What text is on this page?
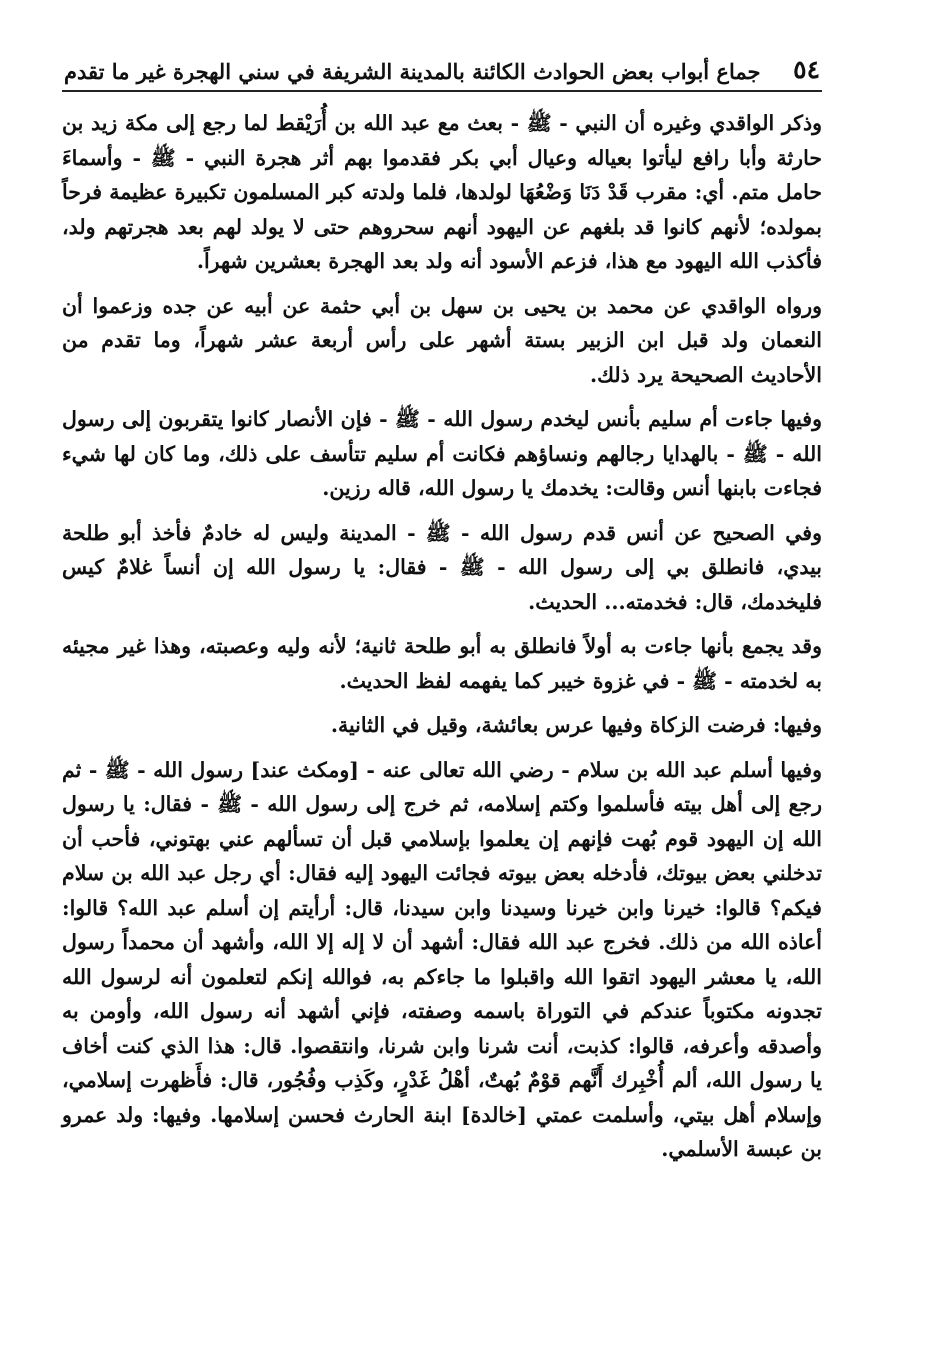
٥٤
جماع أبواب بعض الحوادث الكائنة بالمدينة الشريفة في سني الهجرة غير ما تقدم

وذكر الواقدي وغيره أن النبي - ﷺ - بعث مع عبد الله بن أُرَيْقط لما رجع إلى مكة زيد بن حارثة وأبا رافع ليأتوا بعياله وعيال أبي بكر فقدموا بهم أثر هجرة النبي - ﷺ - وأسماءَ حامل متم. أي: مقرب قَدْ دَنَا وَضْعُهَا لولدها، فلما ولدته كبر المسلمون تكبيرة عظيمة فرحاً بمولده؛ لأنهم كانوا قد بلغهم عن اليهود أنهم سحروهم حتى لا يولد لهم بعد هجرتهم ولد، فأكذب الله اليهود مع هذا، فزعم الأسود أنه ولد بعد الهجرة بعشرين شهراً.

ورواه الواقدي عن محمد بن يحيى بن سهل بن أبي حثمة عن أبيه عن جده وزعموا أن النعمان ولد قبل ابن الزبير بستة أشهر على رأس أربعة عشر شهراً، وما تقدم من الأحاديث الصحيحة يرد ذلك.

وفيها جاءت أم سليم بأنس ليخدم رسول الله - ﷺ - فإن الأنصار كانوا يتقربون إلى رسول الله - ﷺ - بالهدايا رجالهم ونساؤهم فكانت أم سليم تتأسف على ذلك، وما كان لها شيء فجاءت بابنها أنس وقالت: يخدمك يا رسول الله، قاله رزين.

وفي الصحيح عن أنس قدم رسول الله - ﷺ - المدينة وليس له خادمٌ فأخذ أبو طلحة بيدي، فانطلق بي إلى رسول الله - ﷺ - فقال: يا رسول الله إن أنساً غلامٌ كيس فليخدمك، قال: فخدمته... الحديث.

وقد يجمع بأنها جاءت به أولاً فانطلق به أبو طلحة ثانية؛ لأنه وليه وعصبته، وهذا غير مجيئه به لخدمته - ﷺ - في غزوة خيبر كما يفهمه لفظ الحديث.

وفيها: فرضت الزكاة وفيها عرس بعائشة، وقيل في الثانية.

وفيها أسلم عبد الله بن سلام - رضي الله تعالى عنه - [ومكث عند] رسول الله - ﷺ - ثم رجع إلى أهل بيته فأسلموا وكتم إسلامه، ثم خرج إلى رسول الله - ﷺ - فقال: يا رسول الله إن اليهود قوم بُهت فإنهم إن يعلموا بإسلامي قبل أن تسألهم عني بهتوني، فأحب أن تدخلني بعض بيوتك، فأدخله بعض بيوته فجائت اليهود إليه فقال: أي رجل عبد الله بن سلام فيكم؟ قالوا: خيرنا وابن خيرنا وسيدنا وابن سيدنا، قال: أرأيتم إن أسلم عبد الله؟ قالوا: أعاذه الله من ذلك. فخرج عبد الله فقال: أشهد أن لا إله إلا الله، وأشهد أن محمداً رسول الله، يا معشر اليهود اتقوا الله واقبلوا ما جاءكم به، فوالله إنكم لتعلمون أنه لرسول الله تجدونه مكتوباً عندكم في التوراة باسمه وصفته، فإني أشهد أنه رسول الله، وأومن به وأصدقه وأعرفه، قالوا: كذبت، أنت شرنا وابن شرنا، وانتقصوا. قال: هذا الذي كنت أخاف يا رسول الله، ألم أُخْبِرك أَنَّهم قوْمٌ بُهتٌ، أهْلُ غَدْرٍ، وكَذِب وفُجُور، قال: فأَظهرت إسلامي، وإسلام أهل بيتي، وأسلمت عمتي [خالدة] ابنة الحارث فحسن إسلامها. وفيها: ولد عمرو بن عبسة الأسلمي.
